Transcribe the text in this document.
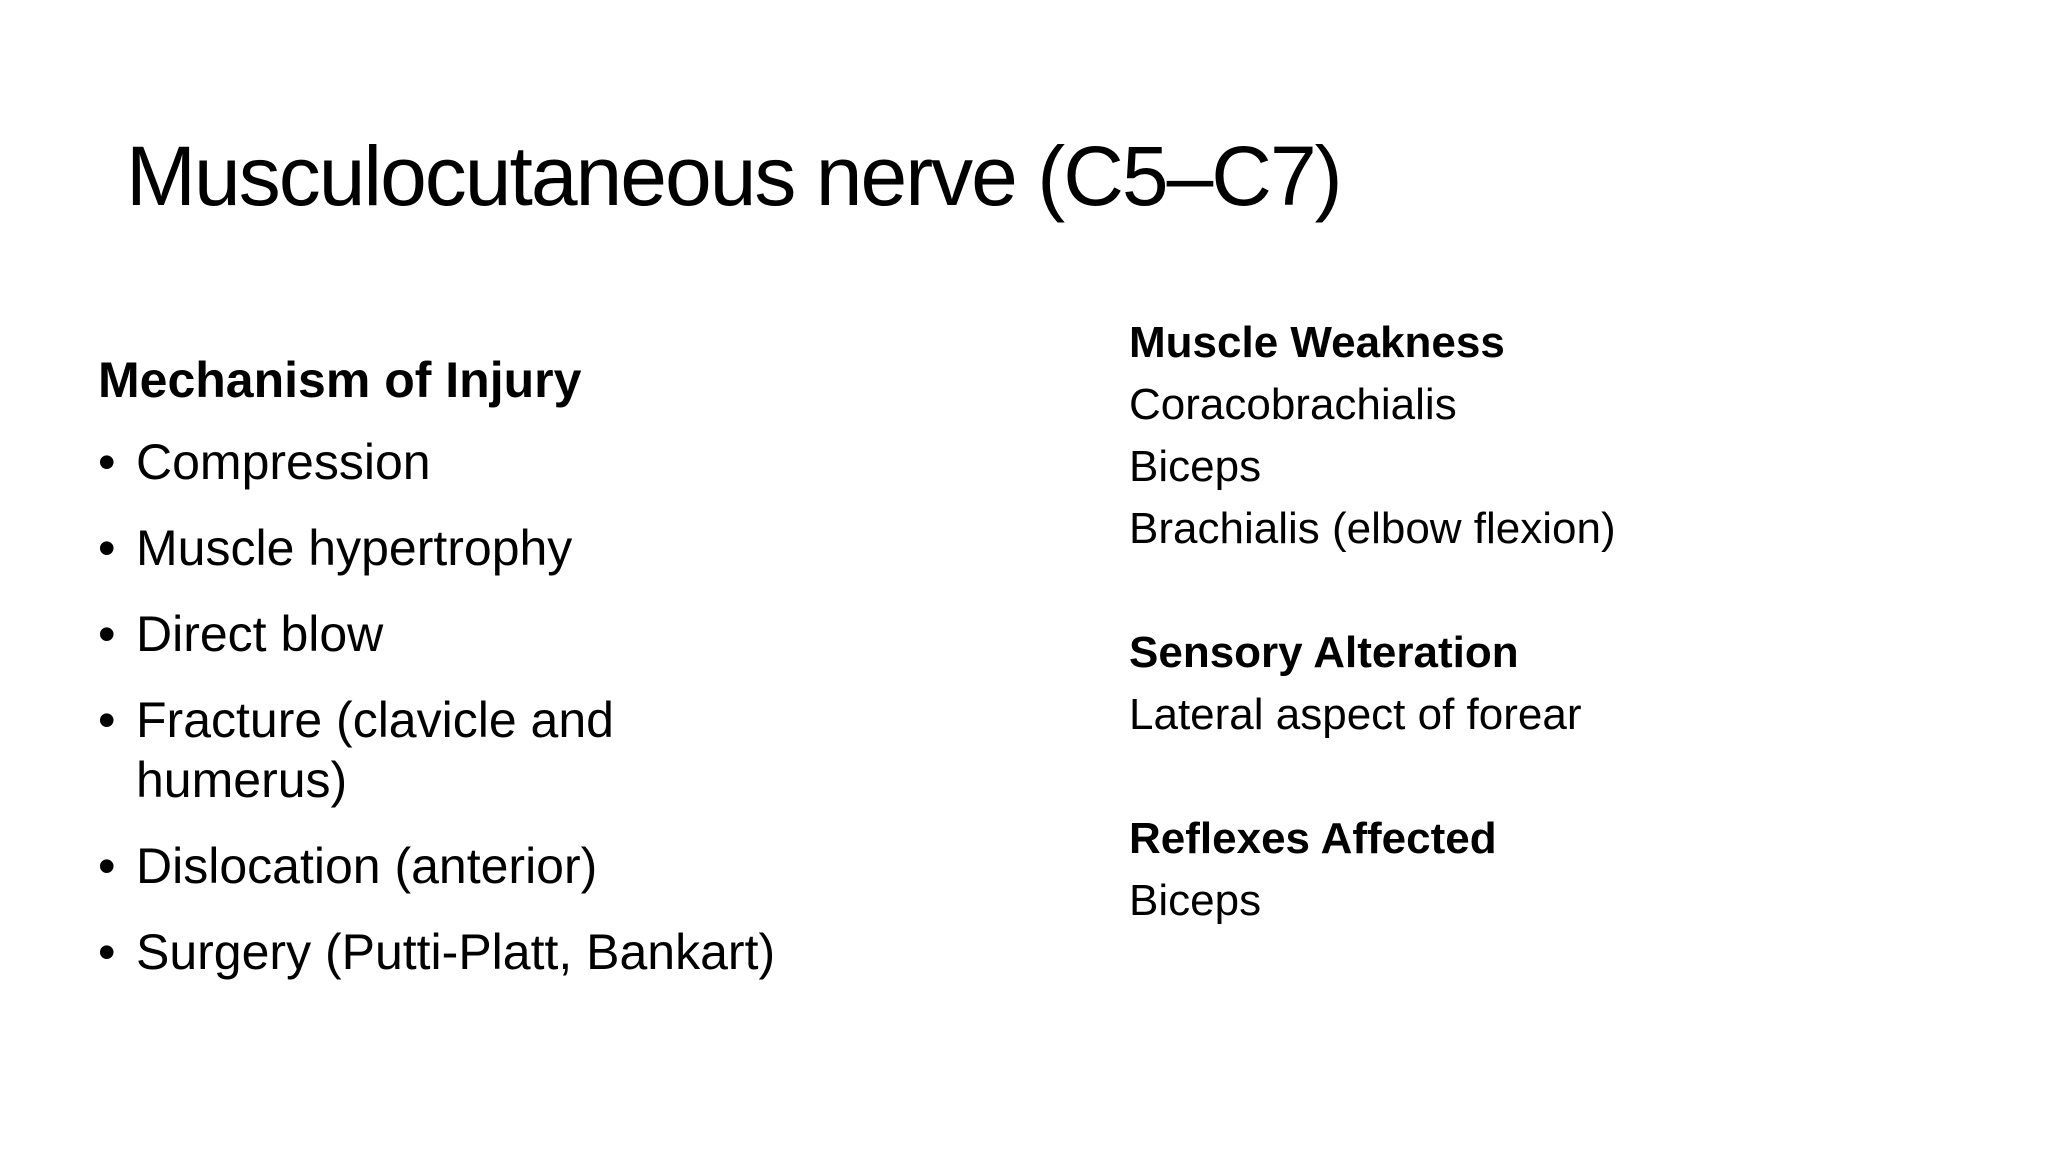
Musculocutaneous nerve (C5–C7)
Mechanism of Injury
• Compression
• Muscle hypertrophy
• Direct blow
• Fracture (clavicle and humerus)
• Dislocation (anterior)
• Surgery (Putti-Platt, Bankart)
Muscle Weakness
Coracobrachialis
Biceps
Brachialis (elbow flexion)
Sensory Alteration
Lateral aspect of forear
Reflexes Affected
Biceps
